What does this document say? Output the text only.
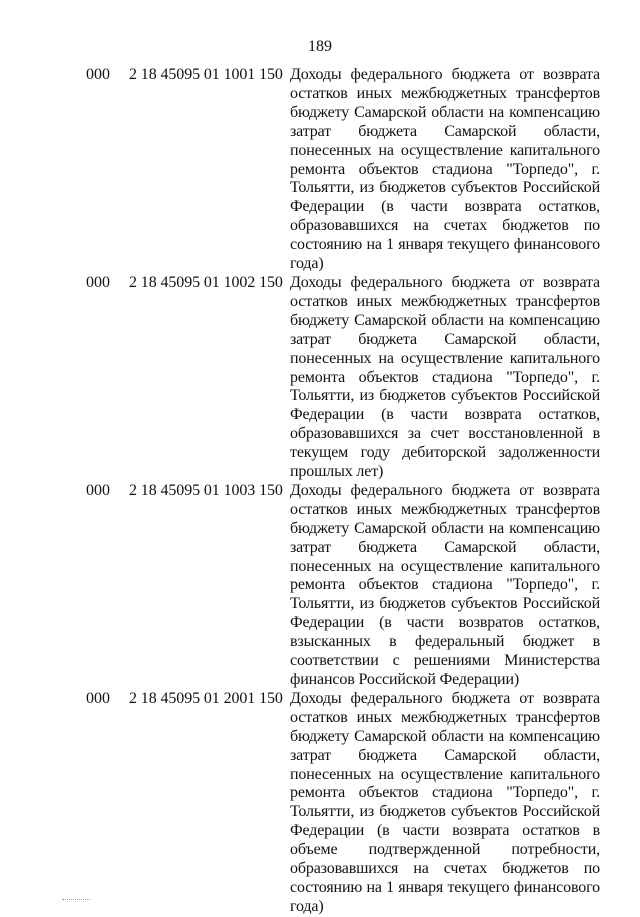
189
000 2 18 45095 01 1001 150 Доходы федерального бюджета от возврата остатков иных межбюджетных трансфертов бюджету Самарской области на компенсацию затрат бюджета Самарской области, понесенных на осуществление капитального ремонта объектов стадиона "Торпедо", г. Тольятти, из бюджетов субъектов Российской Федерации (в части возврата остатков, образовавшихся на счетах бюджетов по состоянию на 1 января текущего финансового года)
000 2 18 45095 01 1002 150 Доходы федерального бюджета от возврата остатков иных межбюджетных трансфертов бюджету Самарской области на компенсацию затрат бюджета Самарской области, понесенных на осуществление капитального ремонта объектов стадиона "Торпедо", г. Тольятти, из бюджетов субъектов Российской Федерации (в части возврата остатков, образовавшихся за счет восстановленной в текущем году дебиторской задолженности прошлых лет)
000 2 18 45095 01 1003 150 Доходы федерального бюджета от возврата остатков иных межбюджетных трансфертов бюджету Самарской области на компенсацию затрат бюджета Самарской области, понесенных на осуществление капитального ремонта объектов стадиона "Торпедо", г. Тольятти, из бюджетов субъектов Российской Федерации (в части возвратов остатков, взысканных в федеральный бюджет в соответствии с решениями Министерства финансов Российской Федерации)
000 2 18 45095 01 2001 150 Доходы федерального бюджета от возврата остатков иных межбюджетных трансфертов бюджету Самарской области на компенсацию затрат бюджета Самарской области, понесенных на осуществление капитального ремонта объектов стадиона "Торпедо", г. Тольятти, из бюджетов субъектов Российской Федерации (в части возврата остатков в объеме подтвержденной потребности, образовавшихся на счетах бюджетов по состоянию на 1 января текущего финансового года)
